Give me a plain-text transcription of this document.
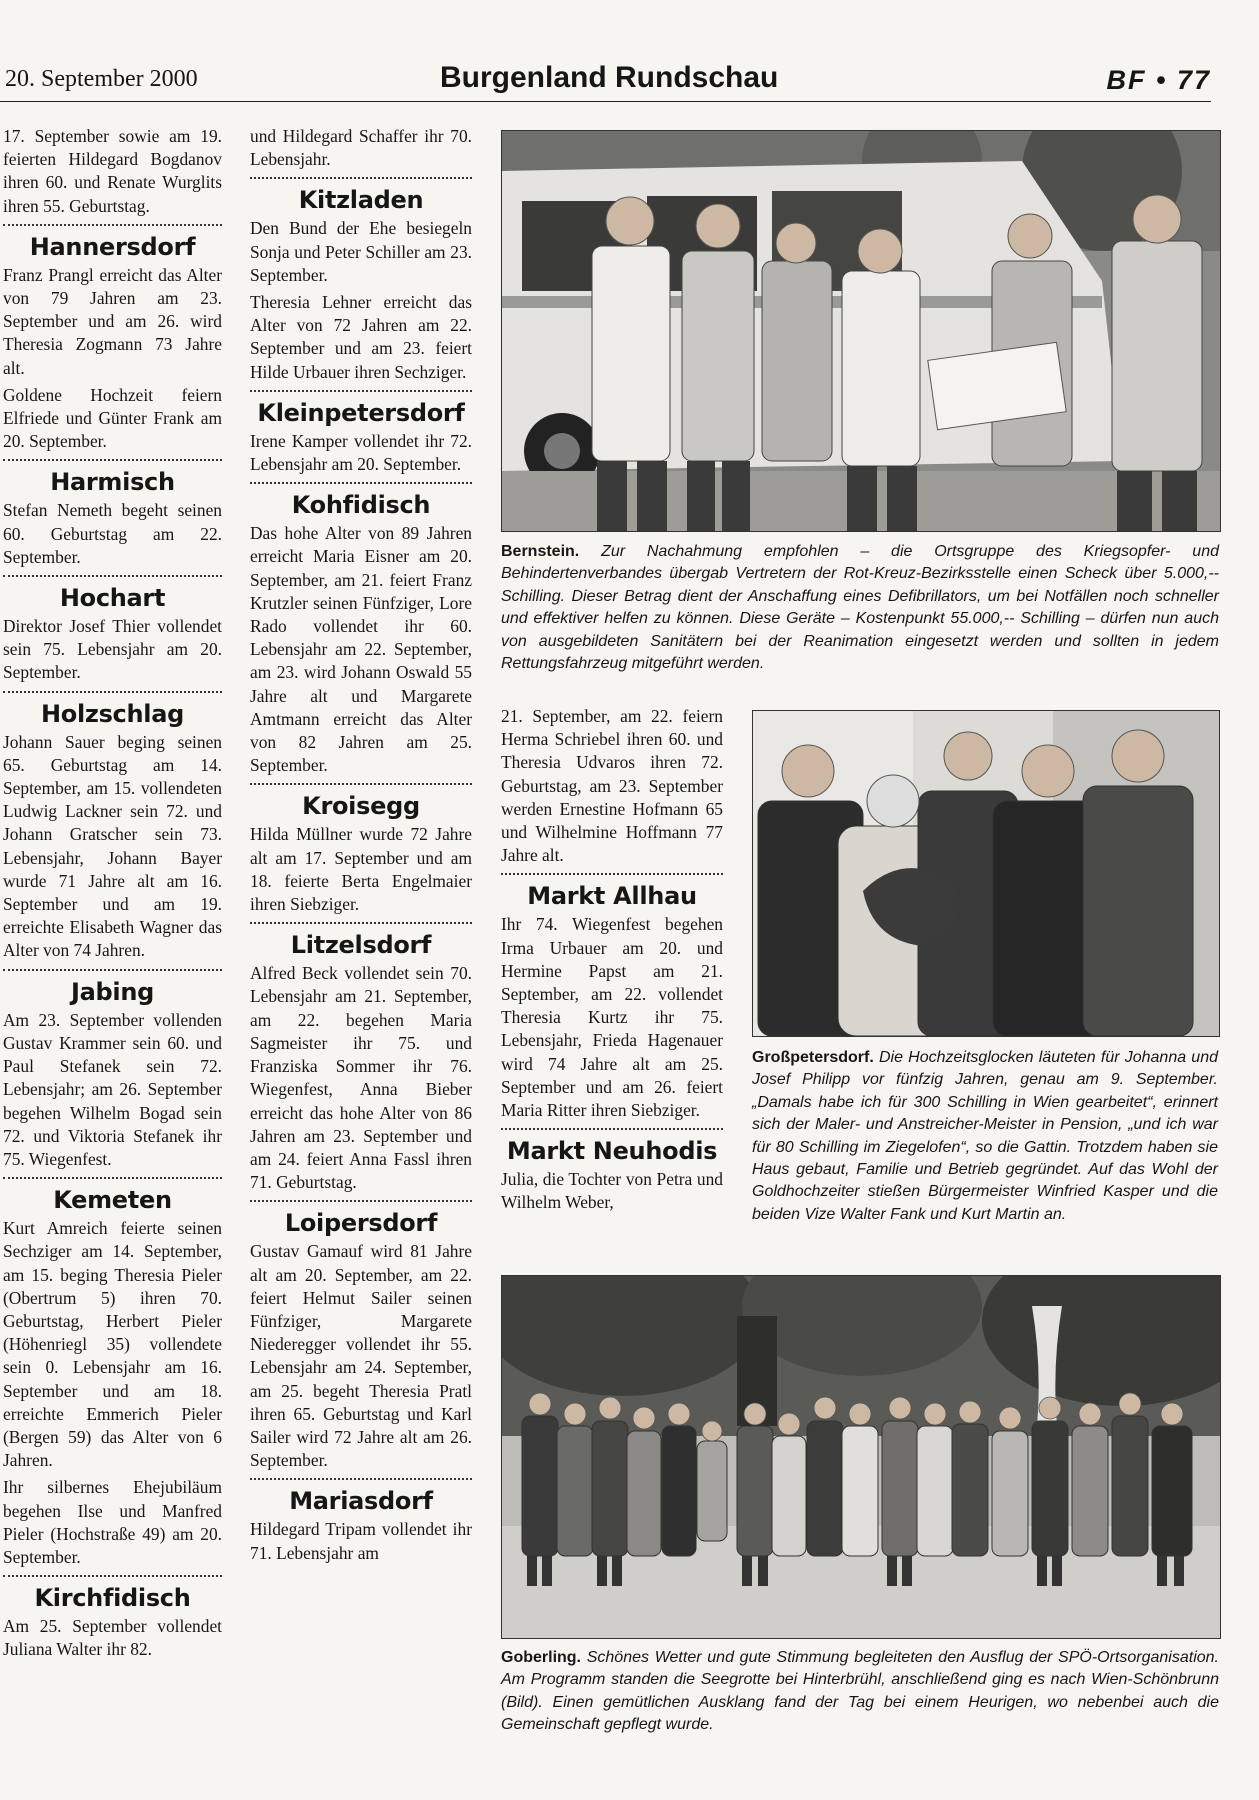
20. September 2000	Burgenland Rundschau	BF • 77

17. September sowie am 19. feierten Hildegard Bogdanov ihren 60. und Renate Wurglits ihren 55. Geburtstag.

Hannersdorf

Franz Prangl erreicht das Alter von 79 Jahren am 23. September und am 26. wird Theresia Zogmann 73 Jahre alt.

Goldene Hochzeit feiern Elfriede und Günter Frank am 20. September.

Harmisch

Stefan Nemeth begeht seinen 60. Geburtstag am 22. September.

Hochart

Direktor Josef Thier vollendet sein 75. Lebensjahr am 20. September.

Holzschlag

Johann Sauer beging seinen 65. Geburtstag am 14. September, am 15. vollendeten Ludwig Lackner sein 72. und Johann Gratscher sein 73. Lebensjahr, Johann Bayer wurde 71 Jahre alt am 16. September und am 19. erreichte Elisabeth Wagner das Alter von 74 Jahren.

Jabing

Am 23. September vollenden Gustav Krammer sein 60. und Paul Stefanek sein 72. Lebensjahr; am 26. September begehen Wilhelm Bogad sein 72. und Viktoria Stefanek ihr 75. Wiegenfest.

Kemeten

Kurt Amreich feierte seinen Sechziger am 14. September, am 15. beging Theresia Pieler (Obertrum 5) ihren 70. Geburtstag, Herbert Pieler (Höhenriegl 35) vollendete sein 0. Lebensjahr am 16. September und am 18. erreichte Emmerich Pieler (Bergen 59) das Alter von 6 Jahren.

Ihr silbernes Ehejubiläum begehen Ilse und Manfred Pieler (Hochstraße 49) am 20. September.

Kirchfidisch

Am 25. September vollendet Juliana Walter ihr 82.

und Hildegard Schaffer ihr 70. Lebensjahr.

Kitzladen

Den Bund der Ehe besiegeln Sonja und Peter Schiller am 23. September.

Theresia Lehner erreicht das Alter von 72 Jahren am 22. September und am 23. feiert Hilde Urbauer ihren Sechziger.

Kleinpetersdorf

Irene Kamper vollendet ihr 72. Lebensjahr am 20. September.

Kohfidisch

Das hohe Alter von 89 Jahren erreicht Maria Eisner am 20. September, am 21. feiert Franz Krutzler seinen Fünfziger, Lore Rado vollendet ihr 60. Lebensjahr am 22. September, am 23. wird Johann Oswald 55 Jahre alt und Margarete Amtmann erreicht das Alter von 82 Jahren am 25. September.

Kroisegg

Hilda Müllner wurde 72 Jahre alt am 17. September und am 18. feierte Berta Engelmaier ihren Siebziger.

Litzelsdorf

Alfred Beck vollendet sein 70. Lebensjahr am 21. September, am 22. begehen Maria Sagmeister ihr 75. und Franziska Sommer ihr 76. Wiegenfest, Anna Bieber erreicht das hohe Alter von 86 Jahren am 23. September und am 24. feiert Anna Fassl ihren 71. Geburtstag.

Loipersdorf

Gustav Gamauf wird 81 Jahre alt am 20. September, am 22. feiert Helmut Sailer seinen Fünfziger, Margarete Niederegger vollendet ihr 55. Lebensjahr am 24. September, am 25. begeht Theresia Pratl ihren 65. Geburtstag und Karl Sailer wird 72 Jahre alt am 26. September.

Mariasdorf

Hildegard Tripam vollendet ihr 71. Lebensjahr am

Bernstein. Zur Nachahmung empfohlen – die Ortsgruppe des Kriegsopfer- und Behindertenverbandes übergab Vertretern der Rot-Kreuz-Bezirksstelle einen Scheck über 5.000,-- Schilling. Dieser Betrag dient der Anschaffung eines Defibrillators, um bei Notfällen noch schneller und effektiver helfen zu können. Diese Geräte – Kostenpunkt 55.000,-- Schilling – dürfen nun auch von ausgebildeten Sanitätern bei der Reanimation eingesetzt werden und sollten in jedem Rettungsfahrzeug mitgeführt werden.

21. September, am 22. feiern Herma Schriebel ihren 60. und Theresia Udvaros ihren 72. Geburtstag, am 23. September werden Ernestine Hofmann 65 und Wilhelmine Hoffmann 77 Jahre alt.

Markt Allhau

Ihr 74. Wiegenfest begehen Irma Urbauer am 20. und Hermine Papst am 21. September, am 22. vollendet Theresia Kurtz ihr 75. Lebensjahr, Frieda Hagenauer wird 74 Jahre alt am 25. September und am 26. feiert Maria Ritter ihren Siebziger.

Markt Neuhodis

Julia, die Tochter von Petra und Wilhelm Weber,

Großpetersdorf. Die Hochzeitsglocken läuteten für Johanna und Josef Philipp vor fünfzig Jahren, genau am 9. September. „Damals habe ich für 300 Schilling in Wien gearbeitet“, erinnert sich der Maler- und Anstreicher-Meister in Pension, „und ich war für 80 Schilling im Ziegelofen“, so die Gattin. Trotzdem haben sie Haus gebaut, Familie und Betrieb gegründet. Auf das Wohl der Goldhochzeiter stießen Bürgermeister Winfried Kasper und die beiden Vize Walter Fank und Kurt Martin an.
Goberling. Schönes Wetter und gute Stimmung begleiteten den Ausflug der SPÖ-Ortsorganisation. Am Programm standen die Seegrotte bei Hinterbrühl, anschließend ging es nach Wien-Schönbrunn (Bild). Einen gemütlichen Ausklang fand der Tag bei einem Heurigen, wo nebenbei auch die Gemeinschaft gepflegt wurde.
